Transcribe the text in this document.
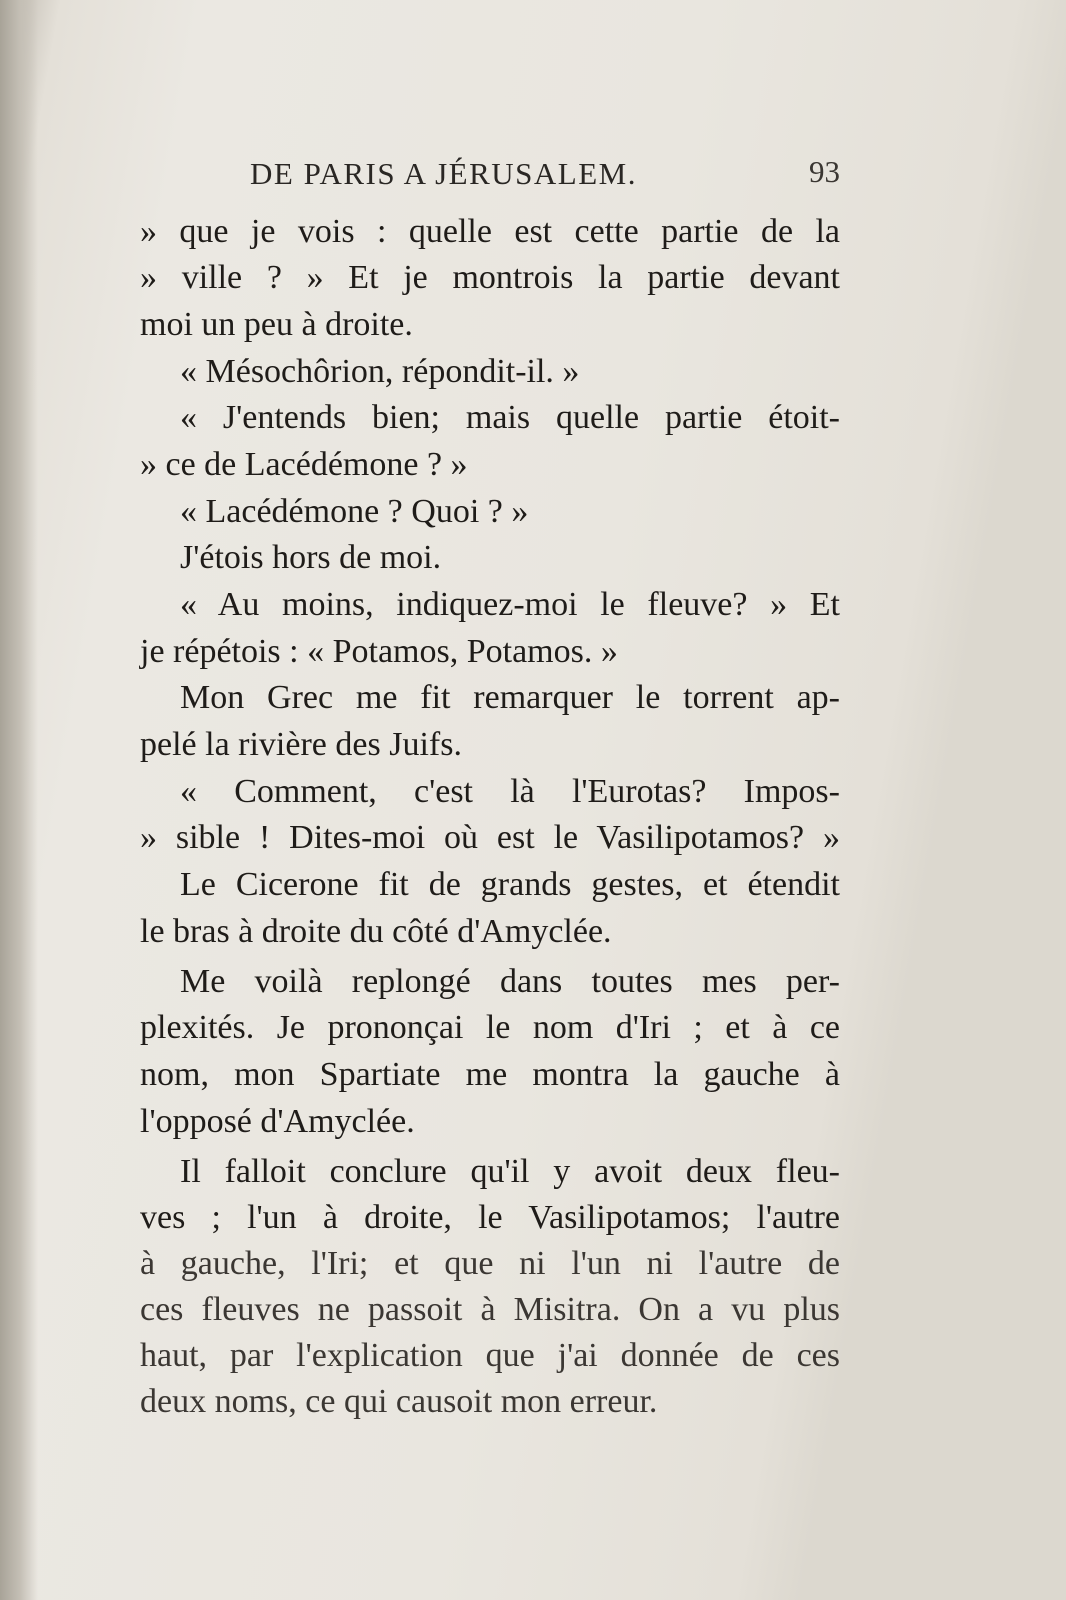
DE PARIS A JÉRUSALEM.	93
» que je vois : quelle est cette partie de la
» ville ? » Et je montrois la partie devant
moi un peu à droite.
« Mésochôrion, répondit-il. »
« J'entends bien; mais quelle partie étoit-
» ce de Lacédémone ? »
« Lacédémone ? Quoi ? »
J'étois hors de moi.
« Au moins, indiquez-moi le fleuve? » Et
je répétois : « Potamos, Potamos. »
Mon Grec me fit remarquer le torrent ap-
pelé la rivière des Juifs.
« Comment, c'est là l'Eurotas? Impos-
» sible ! Dites-moi où est le Vasilipotamos? »
Le Cicerone fit de grands gestes, et étendit
le bras à droite du côté d'Amyclée.
Me voilà replongé dans toutes mes per-
plexités. Je prononçai le nom d'Iri ; et à ce
nom, mon Spartiate me montra la gauche à
l'opposé d'Amyclée.
Il falloit conclure qu'il y avoit deux fleu-
ves ; l'un à droite, le Vasilipotamos; l'autre
à gauche, l'Iri; et que ni l'un ni l'autre de
ces fleuves ne passoit à Misitra. On a vu plus
haut, par l'explication que j'ai donnée de ces
deux noms, ce qui causoit mon erreur.
